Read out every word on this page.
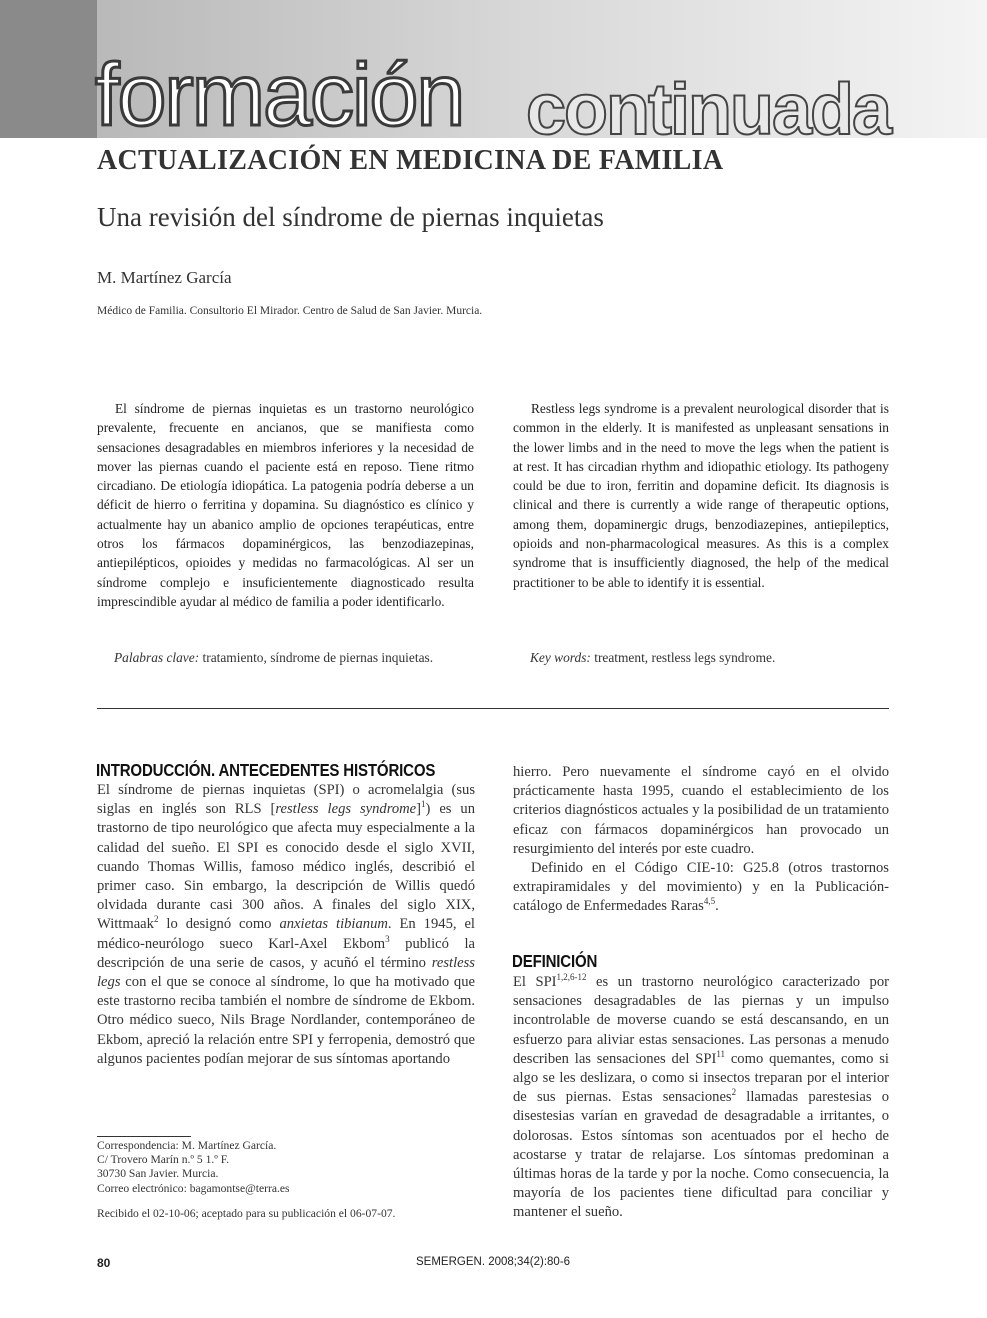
formación continuada
ACTUALIZACIÓN EN MEDICINA DE FAMILIA
Una revisión del síndrome de piernas inquietas

M. Martínez García

Médico de Familia. Consultorio El Mirador. Centro de Salud de San Javier. Murcia.

El síndrome de piernas inquietas es un trastorno neurológico prevalente, frecuente en ancianos, que se manifiesta como sensaciones desagradables en miembros inferiores y la necesidad de mover las piernas cuando el paciente está en reposo. Tiene ritmo circadiano. De etiología idiopática. La patogenia podría deberse a un déficit de hierro o ferritina y dopamina. Su diagnóstico es clínico y actualmente hay un abanico amplio de opciones terapéuticas, entre otros los fármacos dopaminérgicos, las benzodiazepinas, antiepilépticos, opioides y medidas no farmacológicas. Al ser un síndrome complejo e insuficientemente diagnosticado resulta imprescindible ayudar al médico de familia a poder identificarlo.

Restless legs syndrome is a prevalent neurological disorder that is common in the elderly. It is manifested as unpleasant sensations in the lower limbs and in the need to move the legs when the patient is at rest. It has circadian rhythm and idiopathic etiology. Its pathogeny could be due to iron, ferritin and dopamine deficit. Its diagnosis is clinical and there is currently a wide range of therapeutic options, among them, dopaminergic drugs, benzodiazepines, antiepileptics, opioids and non-pharmacological measures. As this is a complex syndrome that is insufficiently diagnosed, the help of the medical practitioner to be able to identify it is essential.

Palabras clave: tratamiento, síndrome de piernas inquietas.	Key words: treatment, restless legs syndrome.

INTRODUCCIÓN. ANTECEDENTES HISTÓRICOS

El síndrome de piernas inquietas (SPI) o acromelalgia (sus siglas en inglés son RLS [restless legs syndrome]$^1$) es un trastorno de tipo neurológico que afecta muy especialmente a la calidad del sueño. El SPI es conocido desde el siglo XVII, cuando Thomas Willis, famoso médico inglés, describió el primer caso. Sin embargo, la descripción de Willis quedó olvidada durante casi 300 años. A finales del siglo XIX, Wittmaak$^2$ lo designó como anxietas tibianum. En 1945, el médico-neurólogo sueco Karl-Axel Ekbom$^3$ publicó la descripción de una serie de casos, y acuñó el término restless legs con el que se conoce al síndrome, lo que ha motivado que este trastorno reciba también el nombre de síndrome de Ekbom. Otro médico sueco, Nils Brage Nordlander, contemporáneo de Ekbom, apreció la relación entre SPI y ferropenia, demostró que algunos pacientes podían mejorar de sus síntomas aportando

hierro. Pero nuevamente el síndrome cayó en el olvido prácticamente hasta 1995, cuando el establecimiento de los criterios diagnósticos actuales y la posibilidad de un tratamiento eficaz con fármacos dopaminérgicos han provocado un resurgimiento del interés por este cuadro.

Definido en el Código CIE-10: G25.8 (otros trastornos extrapiramidales y del movimiento) y en la Publicación-catálogo de Enfermedades Raras$^{4,5}$.

DEFINICIÓN

El SPI$^{1,2,6-12}$ es un trastorno neurológico caracterizado por sensaciones desagradables de las piernas y un impulso incontrolable de moverse cuando se está descansando, en un esfuerzo para aliviar estas sensaciones. Las personas a menudo describen las sensaciones del SPI$^{11}$ como quemantes, como si algo se les deslizara, o como si insectos treparan por el interior de sus piernas. Estas sensaciones$^2$ llamadas parestesias o disestesias varían en gravedad de desagradable a irritantes, o dolorosas. Estos síntomas son acentuados por el hecho de acostarse y tratar de relajarse. Los síntomas predominan a últimas horas de la tarde y por la noche. Como consecuencia, la mayoría de los pacientes tiene dificultad para conciliar y mantener el sueño.

Correspondencia: M. Martínez García.
C/ Trovero Marín n.º 5 1.º F.
30730 San Javier. Murcia.
Correo electrónico: bagamontse@terra.es

Recibido el 02-10-06; aceptado para su publicación el 06-07-07.

80	SEMERGEN. 2008;34(2):80-6
